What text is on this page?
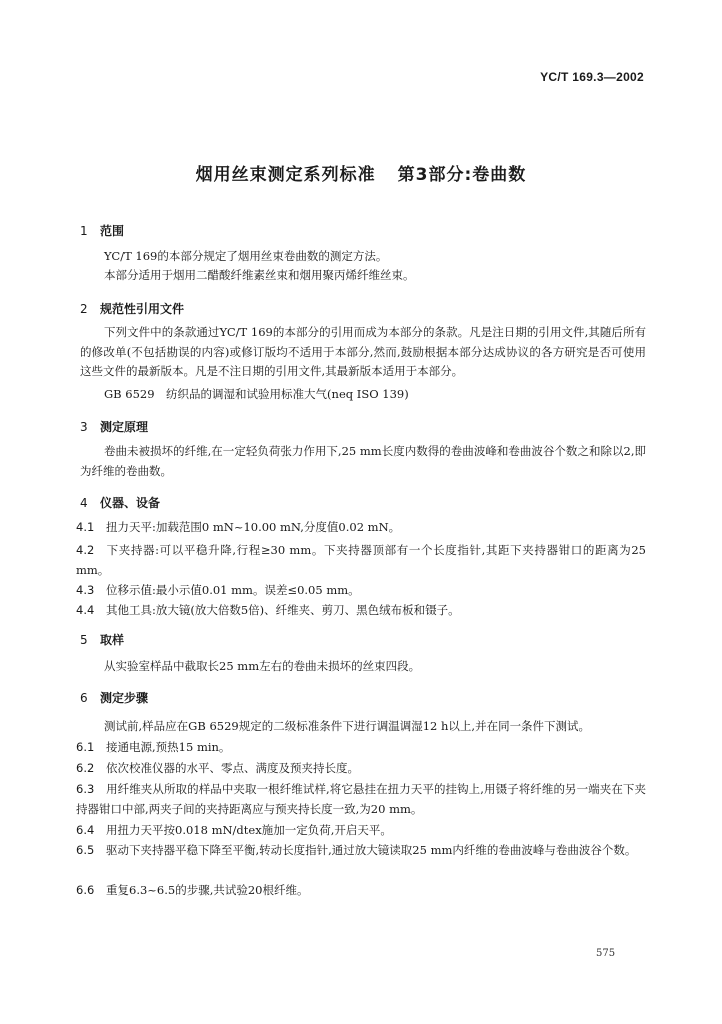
YC/T 169.3—2002
烟用丝束测定系列标准 第3部分:卷曲数
1 范围
YC/T 169的本部分规定了烟用丝束卷曲数的测定方法。
本部分适用于烟用二醋酸纤维素丝束和烟用聚丙烯纤维丝束。
2 规范性引用文件
下列文件中的条款通过YC/T 169的本部分的引用而成为本部分的条款。凡是注日期的引用文件,其随后所有的修改单(不包括勘误的内容)或修订版均不适用于本部分,然而,鼓励根据本部分达成协议的各方研究是否可使用这些文件的最新版本。凡是不注日期的引用文件,其最新版本适用于本部分。
GB 6529　纺织品的调湿和试验用标准大气(neq ISO 139)
3 测定原理
卷曲未被损坏的纤维,在一定轻负荷张力作用下,25 mm长度内数得的卷曲波峰和卷曲波谷个数之和除以2,即为纤维的卷曲数。
4 仪器、设备
4.1 扭力天平:加载范围0 mN~10.00 mN,分度值0.02 mN。
4.2 下夹持器:可以平稳升降,行程≥30 mm。下夹持器顶部有一个长度指针,其距下夹持器钳口的距离为25 mm。
4.3 位移示值:最小示值0.01 mm。误差≤0.05 mm。
4.4 其他工具:放大镜(放大倍数5倍)、纤维夹、剪刀、黑色绒布板和镊子。
5 取样
从实验室样品中截取长25 mm左右的卷曲未损坏的丝束四段。
6 测定步骤
测试前,样品应在GB 6529规定的二级标准条件下进行调温调湿12 h以上,并在同一条件下测试。
6.1 接通电源,预热15 min。
6.2 依次校准仪器的水平、零点、满度及预夹持长度。
6.3 用纤维夹从所取的样品中夹取一根纤维试样,将它悬挂在扭力天平的挂钩上,用镊子将纤维的另一端夹在下夹持器钳口中部,两夹子间的夹持距离应与预夹持长度一致,为20 mm。
6.4 用扭力天平按0.018 mN/dtex施加一定负荷,开启天平。
6.5 驱动下夹持器平稳下降至平衡,转动长度指针,通过放大镜读取25 mm内纤维的卷曲波峰与卷曲波谷个数。
6.6 重复6.3~6.5的步骤,共试验20根纤维。
575
